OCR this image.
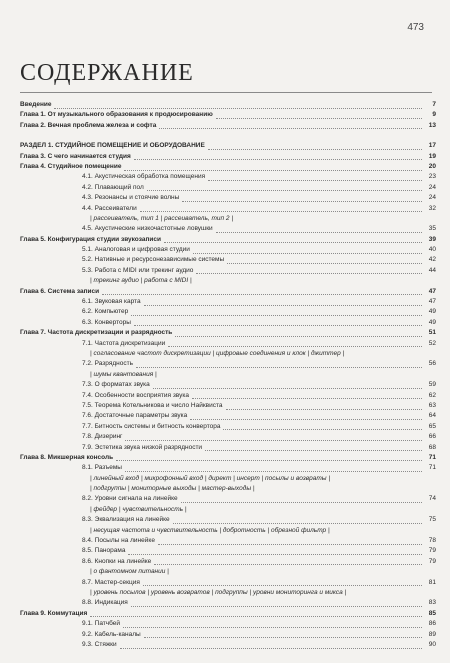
473
СОДЕРЖАНИЕ
Введение	7
Глава 1. От музыкального образования к продюсированию	9
Глава 2. Вечная проблема железа и софта	13
РАЗДЕЛ 1. СТУДИЙНОЕ ПОМЕЩЕНИЕ И ОБОРУДОВАНИЕ	17
Глава 3. С чего начинается студия	19
Глава 4. Студийное помещение	20
4.1. Акустическая обработка помещения	23
4.2. Плавающий пол	24
4.3. Резонансы и стоячие волны	24
4.4. Рассеиватели	32
| рассеиватель, тип 1 | рассеиватель, тип 2 |
4.5. Акустические низкочастотные ловушки	35
Глава 5. Конфигурация студии звукозаписи	39
5.1. Аналоговая и цифровая студии	40
5.2. Нативные и ресурсонезависимые системы	42
5.3. Работа с MIDI или трекинг аудио	44
| трекинг аудио | работа с MIDI |
Глава 6. Система записи	47
6.1. Звуковая карта	47
6.2. Компьютер	49
6.3. Конверторы	49
Глава 7. Частота дискретизации и разрядность	51
7.1. Частота дискретизации	52
| согласование частот дискретизации | цифровые соединения и клок | джиттер |
7.2. Разрядность	56
| шумы квантования |
7.3. О форматах звука	59
7.4. Особенности восприятия звука	62
7.5. Теорема Котельникова и число Найквиста	63
7.6. Достаточные параметры звука	64
7.7. Битность системы и битность конвертора	65
7.8. Дизеринг	66
7.9. Эстетика звука низкой разрядности	68
Глава 8. Микшерная консоль	71
8.1. Разъемы	71
| линейный вход | микрофонный вход | директ | инсерт | посылы и возвраты |
| подгруппы | мониторные выходы | мастер-выходы |
8.2. Уровни сигнала на линейке	74
| фейдер | чувствительность |
8.3. Эквализация на линейке	75
| несущая частота и чувствительность | добротность | обрезной фильтр |
8.4. Посылы на линейке	78
8.5. Панорама	79
8.6. Кнопки на линейке	79
| о фантомном питании |
8.7. Мастер-секция	81
| уровень посылов | уровень возвратов | подгруппы | уровни мониторинга и микса |
8.8. Индикация	83
Глава 9. Коммутация	85
9.1. Патчбей	86
9.2. Кабель-каналы	89
9.3. Стяжки	90
